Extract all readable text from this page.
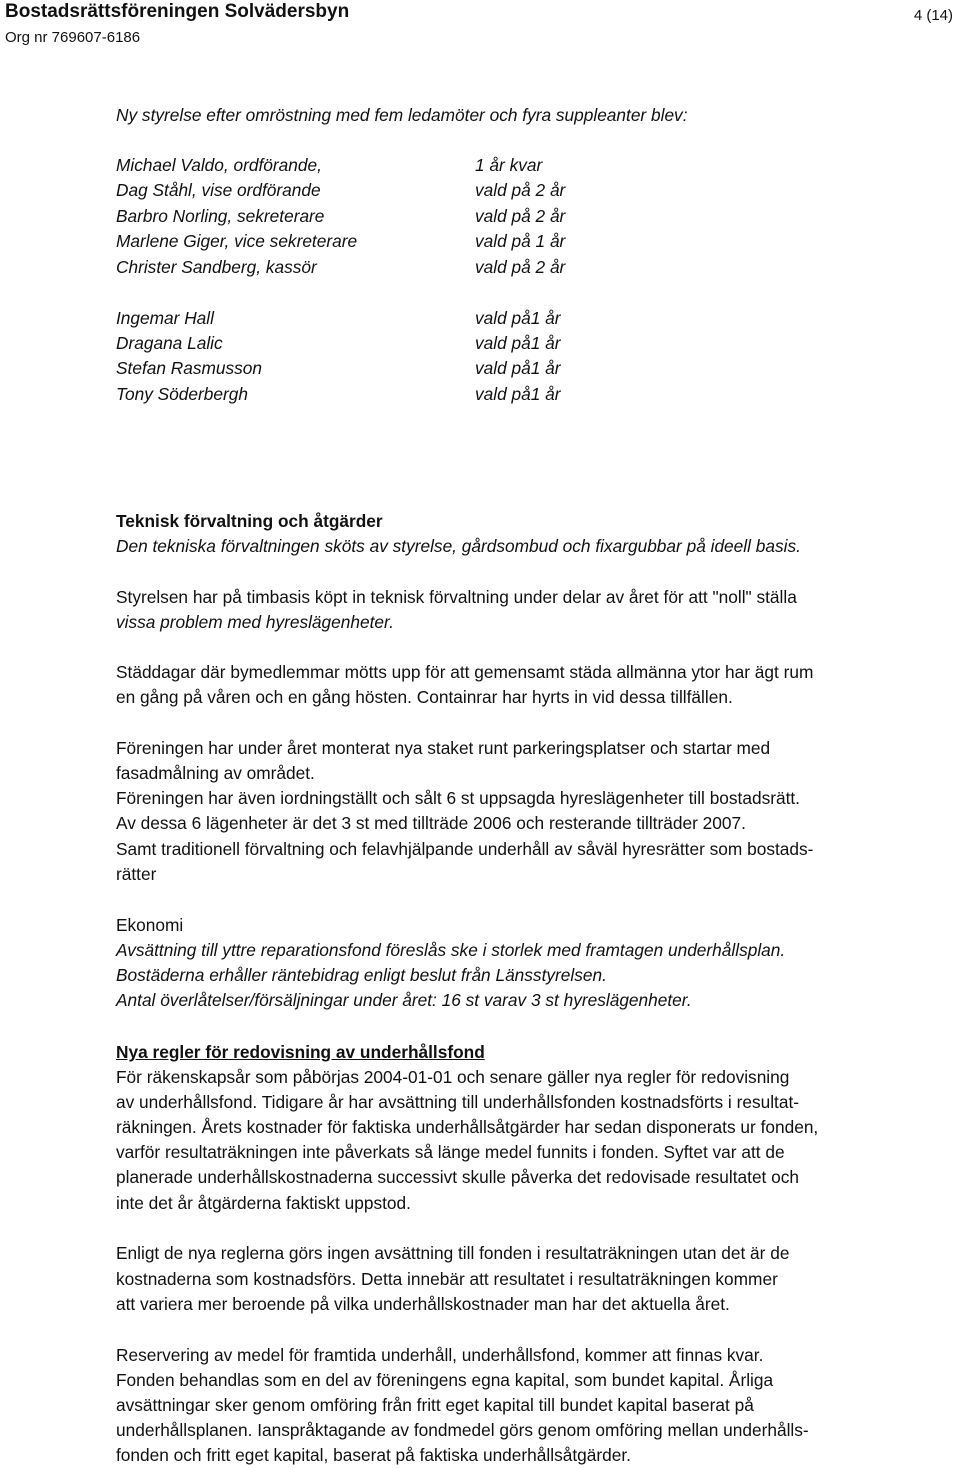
Bostadsrättsföreningen Solvädersbyn
Org nr 769607-6186
4 (14)
Ny styrelse efter omröstning med fem ledamöter och fyra suppleanter blev:
Michael Valdo, ordförande,	1 år kvar
Dag Ståhl, vise ordförande	vald på 2 år
Barbro Norling, sekreterare	vald på 2 år
Marlene Giger, vice sekreterare	vald på 1 år
Christer Sandberg, kassör	vald på 2 år
Ingemar Hall	vald på1 år
Dragana Lalic	vald på1 år
Stefan Rasmusson	vald på1 år
Tony Söderbergh	vald på1 år
Teknisk förvaltning och åtgärder
Den tekniska förvaltningen sköts av styrelse, gårdsombud och fixargubbar på ideell basis.
Styrelsen har på timbasis köpt in teknisk förvaltning under delar av året för att "noll" ställa
vissa problem med hyreslägenheter.
Städdagar där bymedlemmar mötts upp för att gemensamt städa allmänna ytor har ägt rum
en gång på våren och en gång hösten. Containrar har hyrts in vid dessa tillfällen.
Föreningen har under året monterat nya staket runt parkeringsplatser och startar med
fasadmålning av området.
Föreningen har även iordningställt och sålt 6 st uppsagda hyreslägenheter till bostadsrätt.
Av dessa 6 lägenheter är det 3 st med tillträde 2006 och resterande tillträder 2007.
Samt traditionell förvaltning och felavhjälpande underhåll av såväl hyresrätter som bostads-
rätter
Ekonomi
Avsättning till yttre reparationsfond föreslås ske i storlek med framtagen underhållsplan.
Bostäderna erhåller räntebidrag enligt beslut från Länsstyrelsen.
Antal överlåtelser/försäljningar under året: 16 st varav 3 st hyreslägenheter.
Nya regler för redovisning av underhållsfond
För räkenskapsår som påbörjas 2004-01-01 och senare gäller nya regler för redovisning
av underhållsfond. Tidigare år har avsättning till underhållsfonden kostnadsförts i resultat-
räkningen. Årets kostnader för faktiska underhållsåtgärder har sedan disponerats ur fonden,
varför resultaträkningen inte påverkats så länge medel funnits i fonden. Syftet var att de
planerade underhållskostnaderna successivt skulle påverka det redovisade resultatet och
inte det år åtgärderna faktiskt uppstod.
Enligt de nya reglerna görs ingen avsättning till fonden i resultaträkningen utan det är de
kostnaderna som kostnadsförs. Detta innebär att resultatet i resultaträkningen kommer
att variera mer beroende på vilka underhållskostnader man har det aktuella året.
Reservering av medel för framtida underhåll, underhållsfond, kommer att finnas kvar.
Fonden behandlas som en del av föreningens egna kapital, som bundet kapital. Årliga
avsättningar sker genom omföring från fritt eget kapital till bundet kapital baserat på
underhållsplanen. Ianspråktagande av fondmedel görs genom omföring mellan underhålls-
fonden och fritt eget kapital, baserat på faktiska underhållsåtgärder.
